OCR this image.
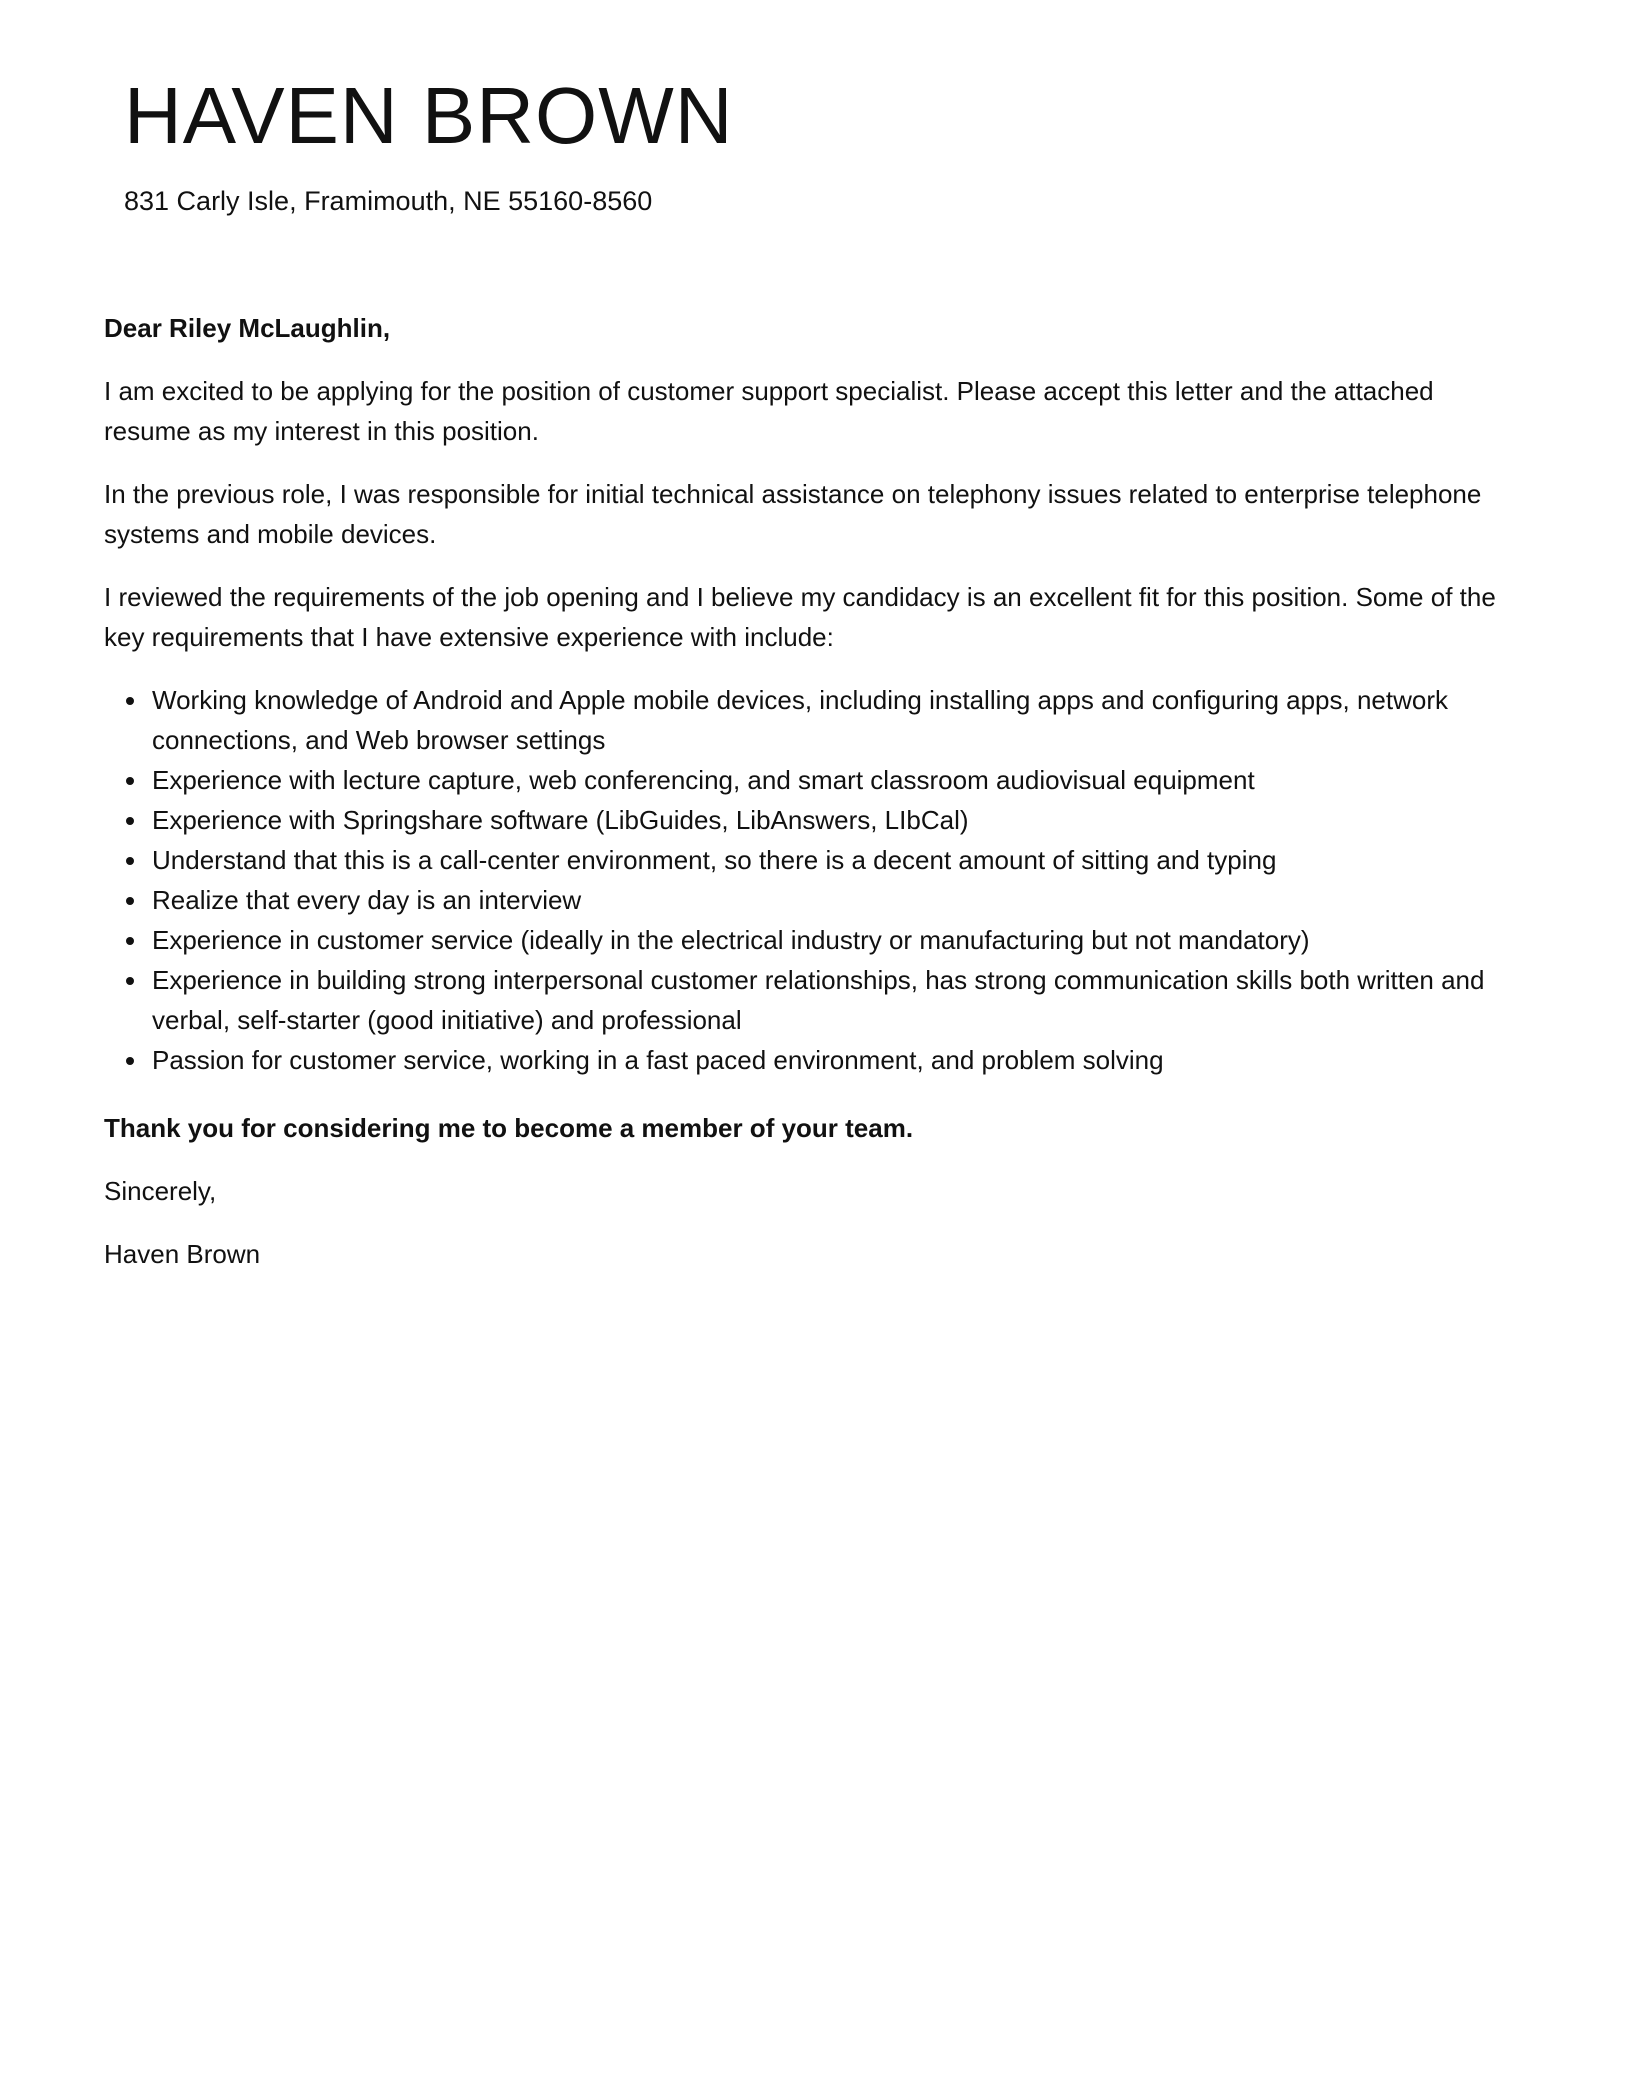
HAVEN BROWN

831 Carly Isle, Framimouth, NE 55160-8560

Dear Riley McLaughlin,

I am excited to be applying for the position of customer support specialist. Please accept this letter and the attached resume as my interest in this position.

In the previous role, I was responsible for initial technical assistance on telephony issues related to enterprise telephone systems and mobile devices.

I reviewed the requirements of the job opening and I believe my candidacy is an excellent fit for this position. Some of the key requirements that I have extensive experience with include:

Working knowledge of Android and Apple mobile devices, including installing apps and configuring apps, network connections, and Web browser settings
Experience with lecture capture, web conferencing, and smart classroom audiovisual equipment
Experience with Springshare software (LibGuides, LibAnswers, LIbCal)
Understand that this is a call-center environment, so there is a decent amount of sitting and typing
Realize that every day is an interview
Experience in customer service (ideally in the electrical industry or manufacturing but not mandatory)
Experience in building strong interpersonal customer relationships, has strong communication skills both written and verbal, self-starter (good initiative) and professional
Passion for customer service, working in a fast paced environment, and problem solving

Thank you for considering me to become a member of your team.

Sincerely,

Haven Brown
